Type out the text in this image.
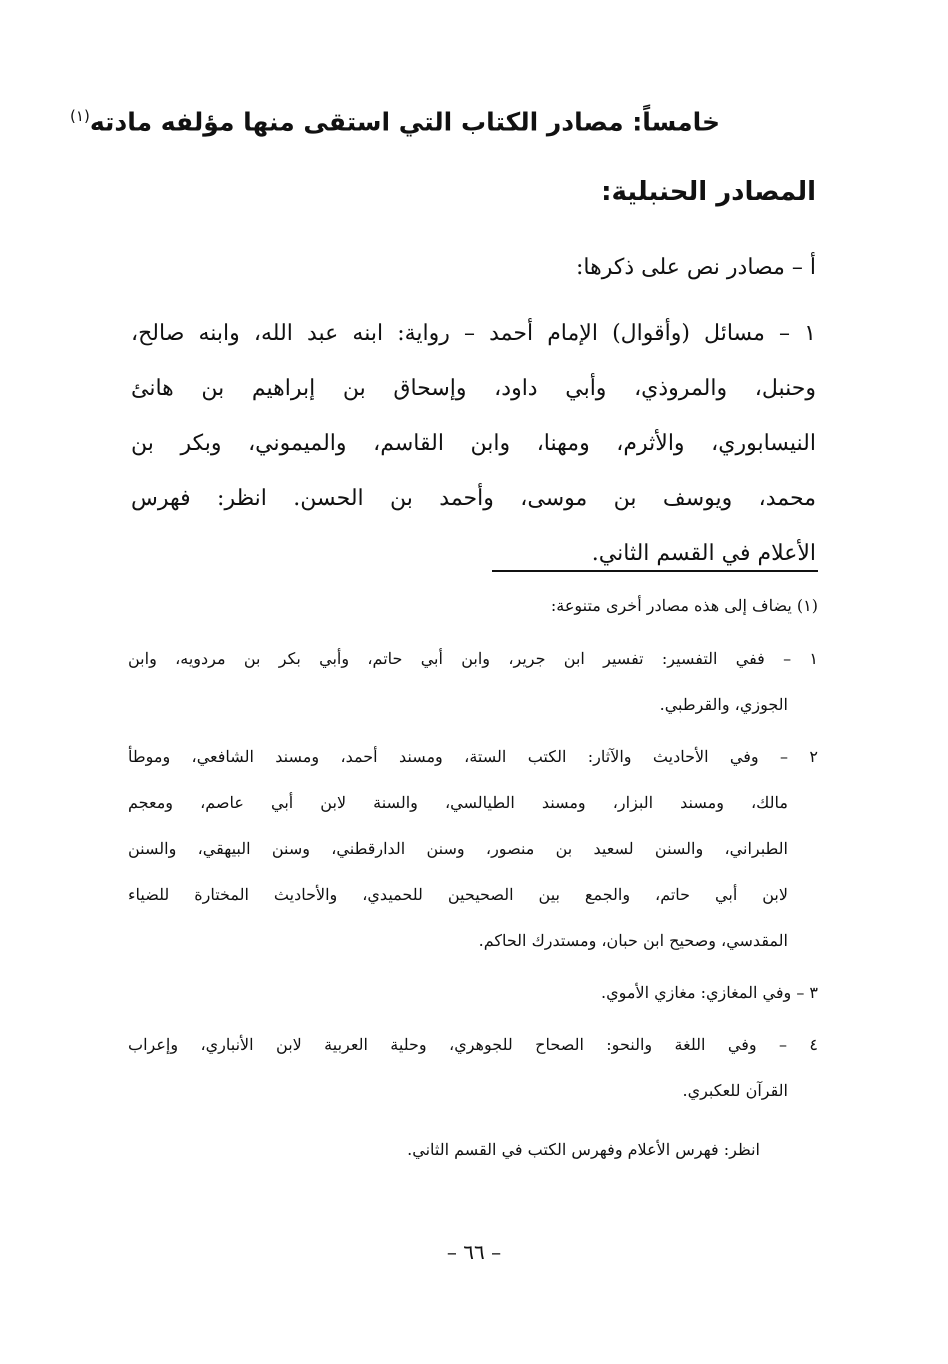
خامساً: مصادر الكتاب التي استقى منها مؤلفه مادته$^{(١)}$
المصادر الحنبلية:
أ – مصادر نص على ذكرها:
١ – مسائل (وأقوال) الإمام أحمد – رواية: ابنه عبد الله، وابنه صالح،
وحنبل، والمروذي، وأبي داود، وإسحاق بن إبراهيم بن هانئ
النيسابوري، والأثرم، ومهنا، وابن القاسم، والميموني، وبكر بن
محمد، ويوسف بن موسى، وأحمد بن الحسن. انظر: فهرس
الأعلام في القسم الثاني.
(١) يضاف إلى هذه مصادر أخرى متنوعة:
١ – ففي التفسير: تفسير ابن جرير، وابن أبي حاتم، وأبي بكر بن مردويه، وابن
الجوزي، والقرطبي.
٢ – وفي الأحاديث والآثار: الكتب الستة، ومسند أحمد، ومسند الشافعي، وموطأ
مالك، ومسند البزار، ومسند الطيالسي، والسنة لابن أبي عاصم، ومعجم
الطبراني، والسنن لسعيد بن منصور، وسنن الدارقطني، وسنن البيهقي، والسنن
لابن أبي حاتم، والجمع بين الصحيحين للحميدي، والأحاديث المختارة للضياء
المقدسي، وصحيح ابن حبان، ومستدرك الحاكم.
٣ – وفي المغازي: مغازي الأموي.
٤ – وفي اللغة والنحو: الصحاح للجوهري، وحلية العربية لابن الأنباري، وإعراب
القرآن للعكبري.
انظر: فهرس الأعلام وفهرس الكتب في القسم الثاني.
– ٦٦ –
